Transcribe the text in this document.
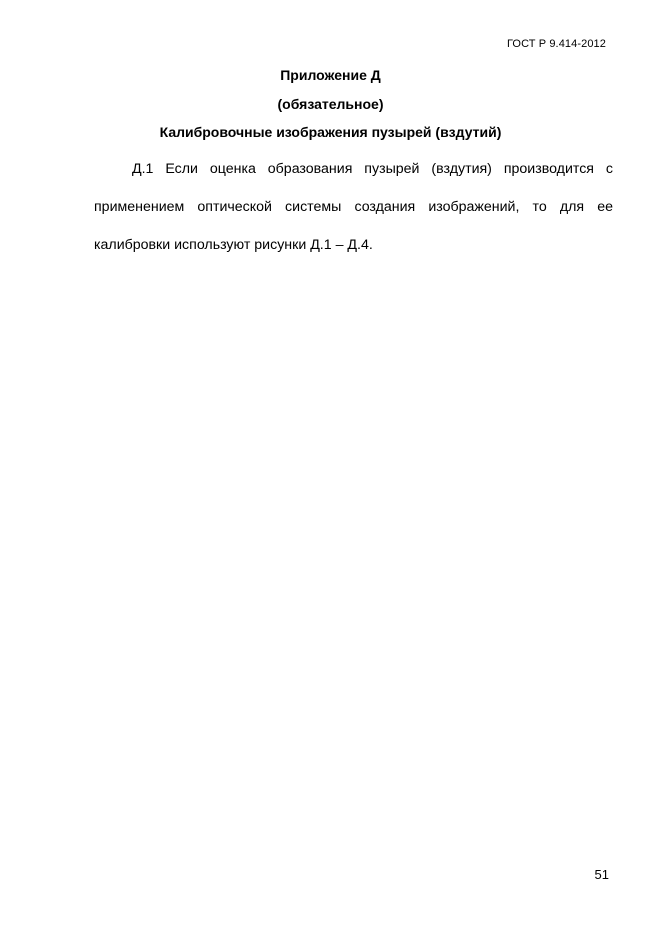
ГОСТ Р 9.414-2012
Приложение Д
(обязательное)
Калибровочные изображения пузырей (вздутий)

Д.1 Если оценка образования пузырей (вздутия) производится с применением оптической системы создания изображений, то для ее калибровки используют рисунки Д.1 – Д.4.

51
